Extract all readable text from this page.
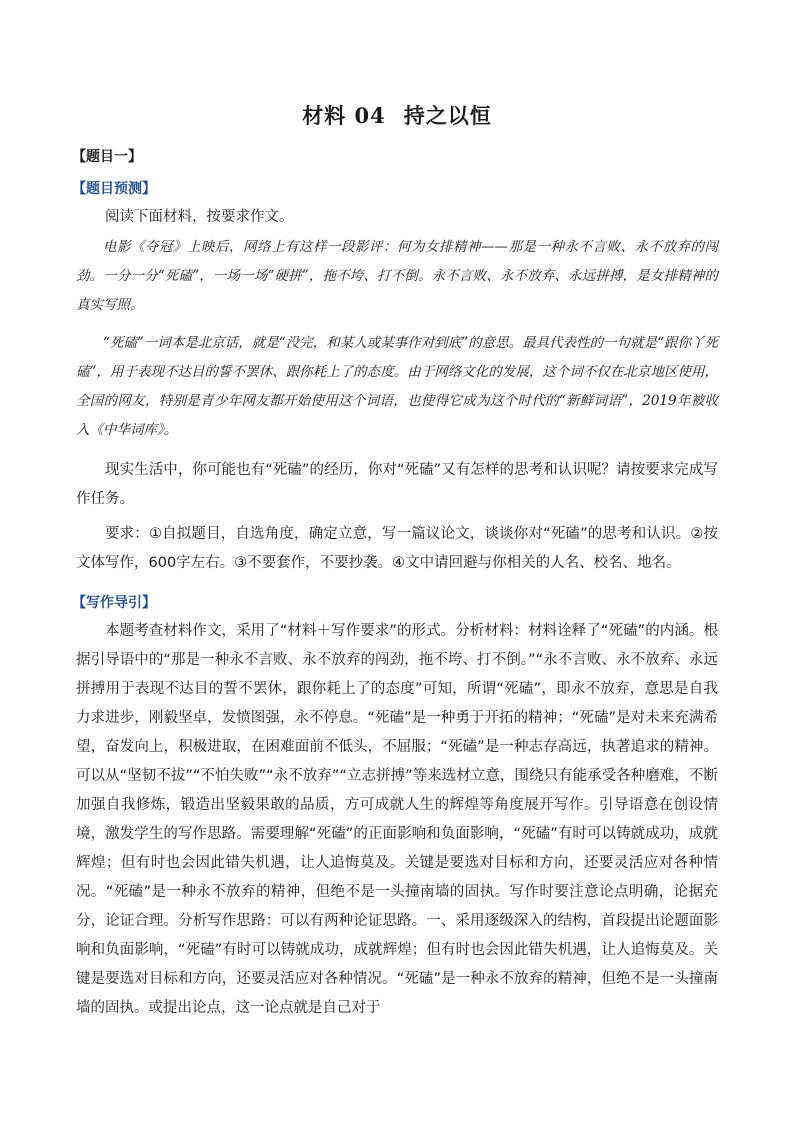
材料 04 持之以恒
【题目一】
【题目预测】
阅读下面材料，按要求作文。
电影《夺冠》上映后，网络上有这样一段影评：何为女排精神——那是一种永不言败、永不放弃的闯劲。一分一分“死磕”，一场一场“硬拼”，拖不垮、打不倒。永不言败、永不放弃、永远拼搏，是女排精神的真实写照。
“死磕”一词本是北京话，就是“没完，和某人或某事作对到底”的意思。最具代表性的一句就是“跟你丫死磕”，用于表现不达目的誓不罢休、跟你耗上了的态度。由于网络文化的发展，这个词不仅在北京地区使用，全国的网友，特别是青少年网友都开始使用这个词语，也使得它成为这个时代的“新鲜词语”，2019年被收入《中华词库》。
现实生活中，你可能也有“死磕”的经历，你对“死磕”又有怎样的思考和认识呢？请按要求完成写作任务。
要求：①自拟题目，自选角度，确定立意，写一篇议论文，谈谈你对“死磕”的思考和认识。②按文体写作，600字左右。③不要套作，不要抄袭。④文中请回避与你相关的人名、校名、地名。
【写作导引】
本题考查材料作文，采用了“材料＋写作要求”的形式。分析材料：材料诠释了“死磕”的内涵。根据引导语中的“那是一种永不言败、永不放弃的闯劲，拖不垮、打不倒。”“永不言败、永不放弃、永远拼搏用于表现不达目的誓不罢休，跟你耗上了的态度”可知，所谓“死磕”，即永不放弃，意思是自我力求进步，刚毅坚卓，发愤图强，永不停息。“死磕”是一种勇于开拓的精神；“死磕”是对未来充满希望，奋发向上，积极进取，在困难面前不低头，不屈服；“死磕”是一种志存高远，执著追求的精神。可以从“坚韧不拔”“不怕失败”“永不放弃”“立志拼搏”等来选材立意，围绕只有能承受各种磨难，不断加强自我修炼，锻造出坚毅果敢的品质，方可成就人生的辉煌等角度展开写作。引导语意在创设情境，激发学生的写作思路。需要理解“死磕”的正面影响和负面影响，“死磕”有时可以铸就成功，成就辉煌；但有时也会因此错失机遇，让人追悔莫及。关键是要选对目标和方向，还要灵活应对各种情况。“死磕”是一种永不放弃的精神，但绝不是一头撞南墙的固执。写作时要注意论点明确，论据充分，论证合理。分析写作思路：可以有两种论证思路。一、采用逐级深入的结构，首段提出论题面影响和负面影响，“死磕”有时可以铸就成功，成就辉煌；但有时也会因此错失机遇，让人追悔莫及。关键是要选对目标和方向，还要灵活应对各种情况。“死磕”是一种永不放弃的精神，但绝不是一头撞南墙的固执。或提出论点，这一论点就是自己对于
